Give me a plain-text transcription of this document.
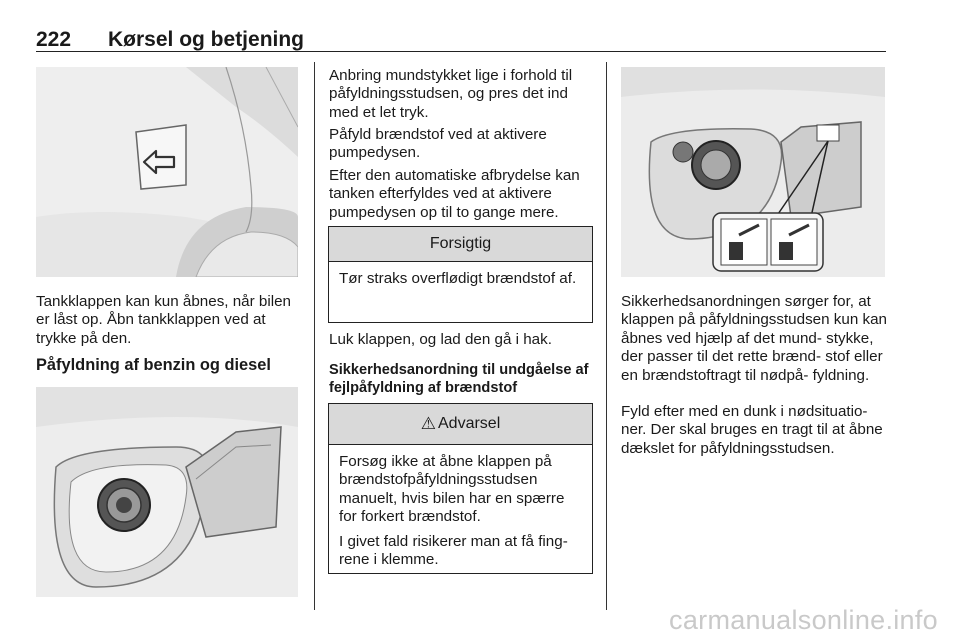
222 Kørsel og betjening

Tankklappen kan kun åbnes, når bilen er låst op. Åbn tankklappen ved at trykke på den.

Påfyldning af benzin og diesel

Anbring mundstykket lige i forhold til påfyldningsstudsen, og pres det ind med et let tryk.

Påfyld brændstof ved at aktivere pumpedysen.

Efter den automatiske afbrydelse kan tanken efterfyldes ved at aktivere pumpedysen op til to gange mere.

Forsigtig
Tør straks overflødigt brændstof af.

Luk klappen, og lad den gå i hak.

Sikkerhedsanordning til undgåelse af fejlpåfyldning af brændstof
⚠ Advarsel

Forsøg ikke at åbne klappen på brændstofpåfyldningsstudsen manuelt, hvis bilen har en spærre for forkert brændstof.

I givet fald risikerer man at få fing- rene i klemme.

Sikkerhedsanordningen sørger for, at klappen på påfyldningsstudsen kun kan åbnes ved hjælp af det mund- stykke, der passer til det rette brænd- stof eller en brændstoftragt til nødpå- fyldning.

Fyld efter med en dunk i nødsituatio- ner. Der skal bruges en tragt til at åbne dækslet for påfyldningsstudsen.

carmanualsonline.info
